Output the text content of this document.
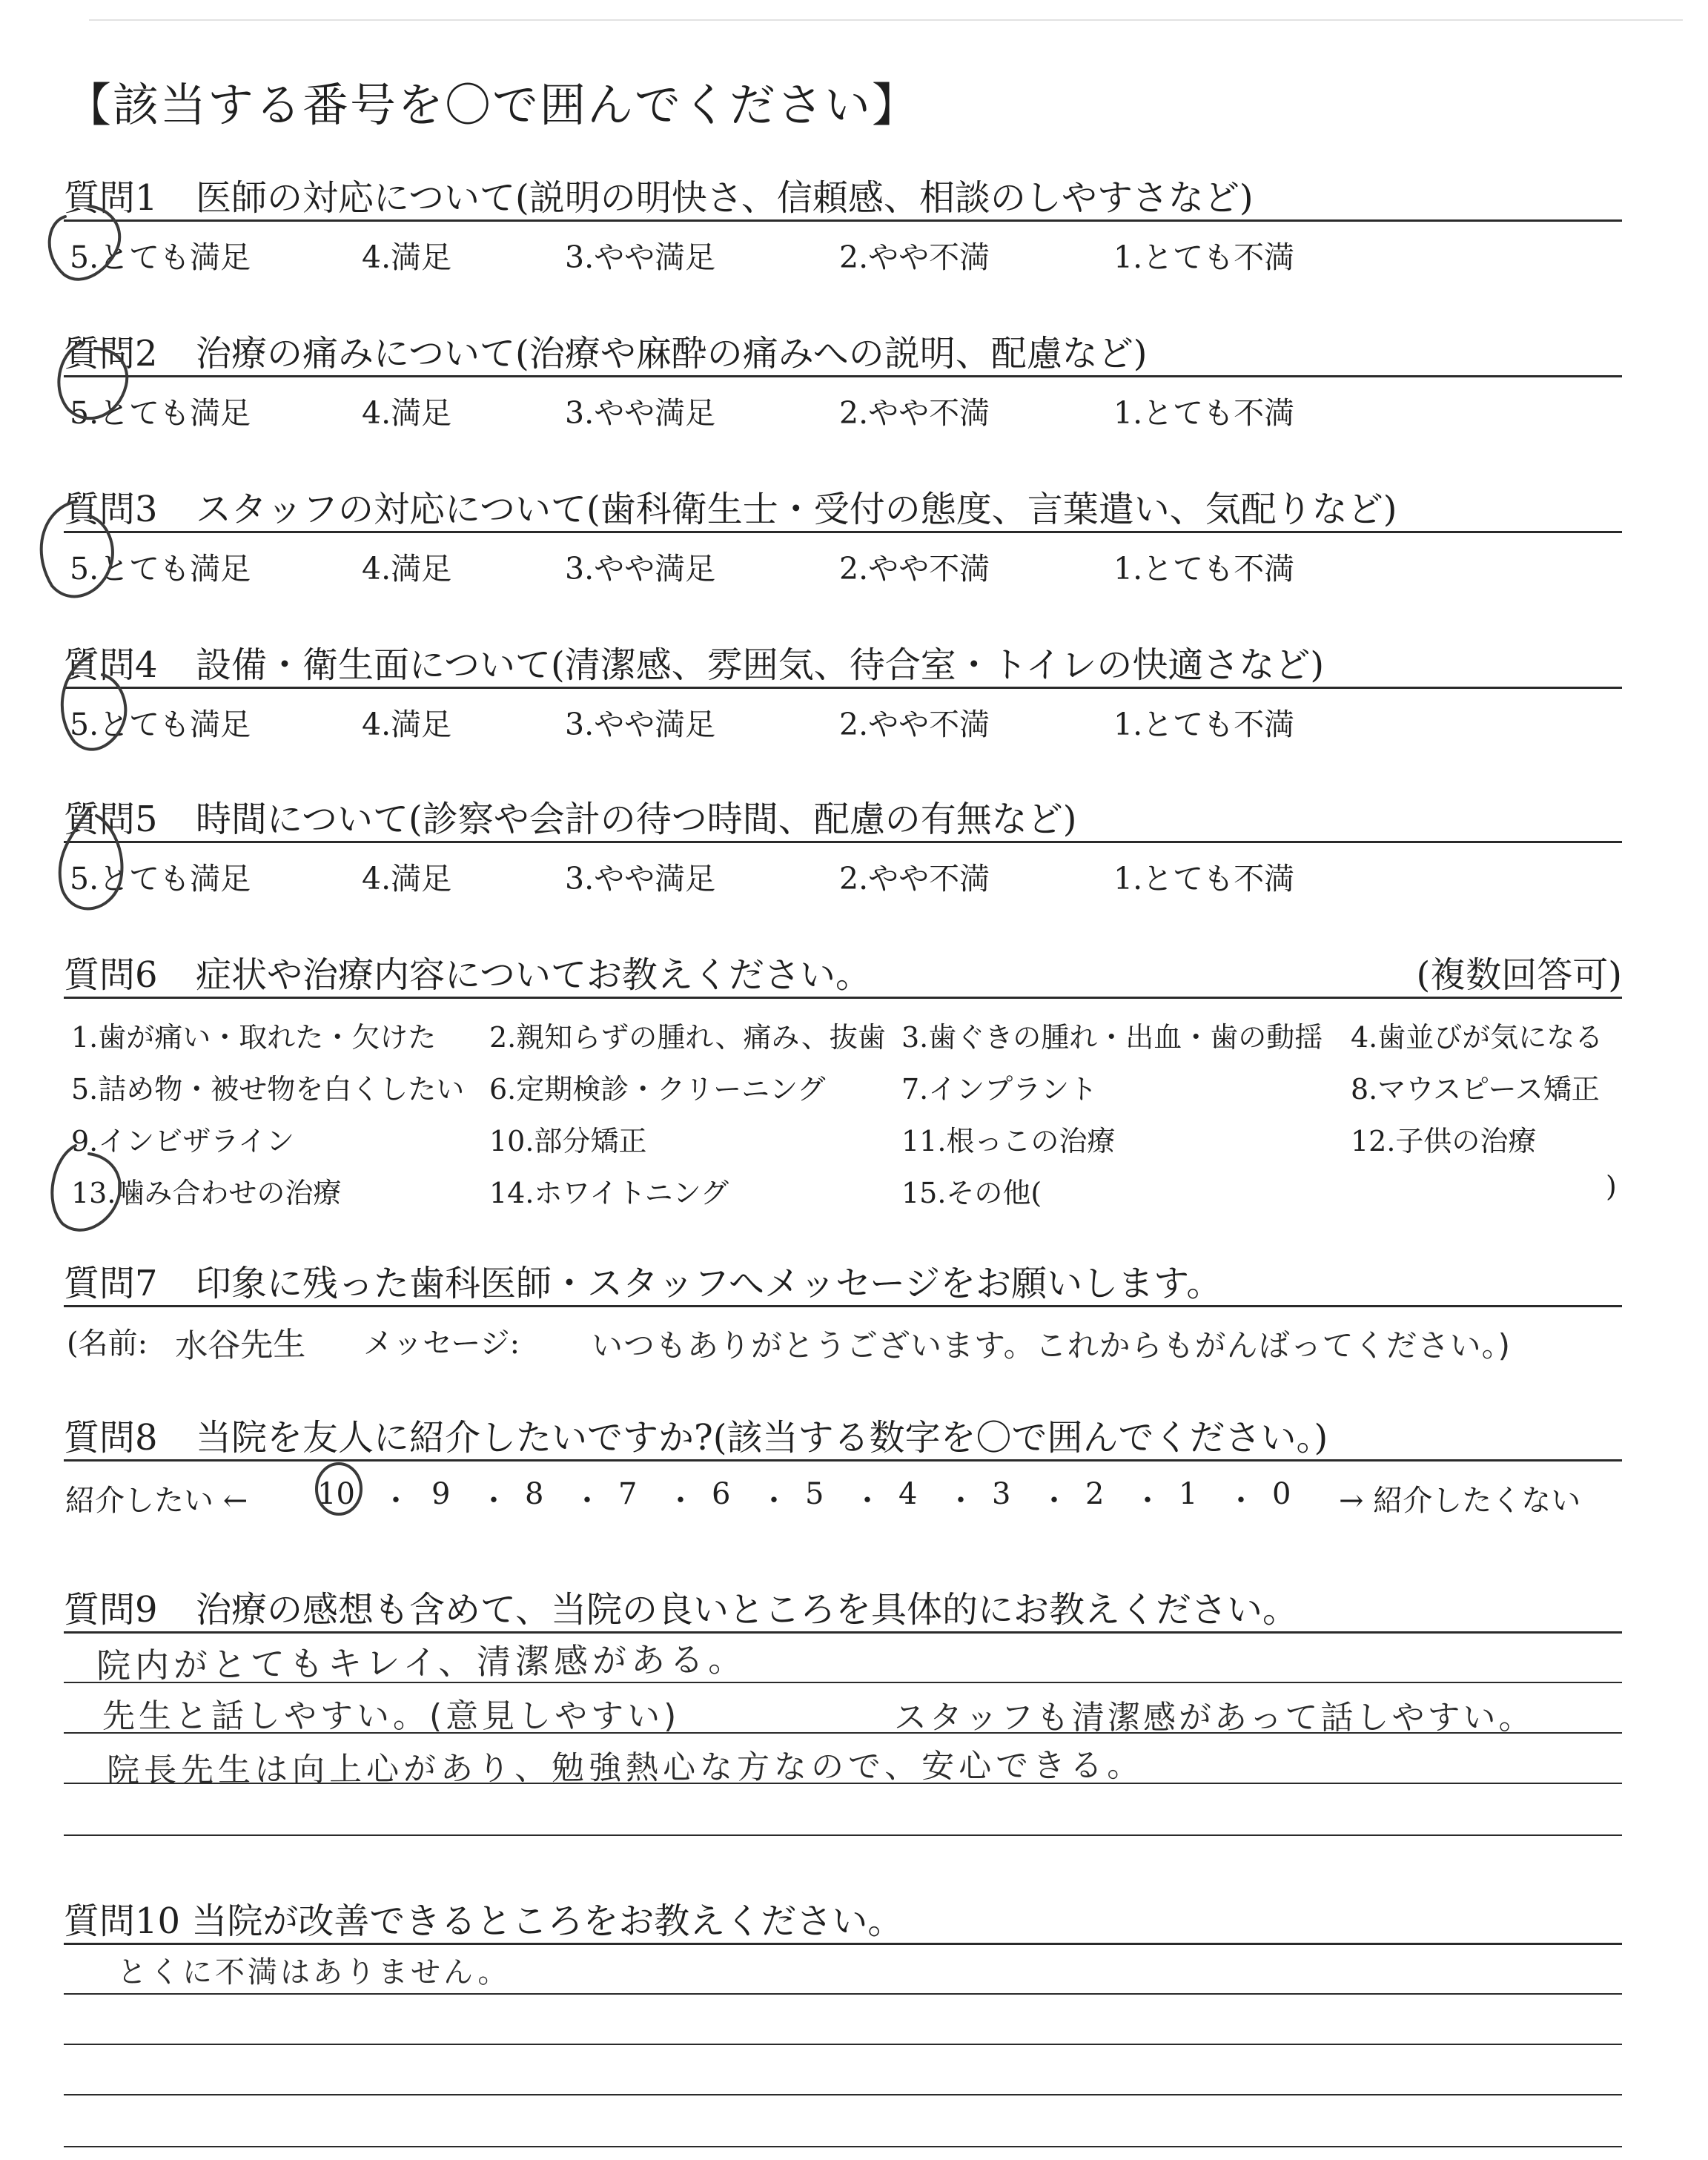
【該当する番号を〇で囲んでください】
質問1 医師の対応について(説明の明快さ、信頼感、相談のしやすさなど)
5.とても満足	4.満足	3.やや満足	2.やや不満	1.とても不満
質問2 治療の痛みについて(治療や麻酔の痛みへの説明、配慮など)
5.とても満足	4.満足	3.やや満足	2.やや不満	1.とても不満
質問3 スタッフの対応について(歯科衛生士・受付の態度、言葉遣い、気配りなど)
5.とても満足	4.満足	3.やや満足	2.やや不満	1.とても不満
質問4 設備・衛生面について(清潔感、雰囲気、待合室・トイレの快適さなど)
5.とても満足	4.満足	3.やや満足	2.やや不満	1.とても不満
質問5 時間について(診察や会計の待つ時間、配慮の有無など)
5.とても満足	4.満足	3.やや満足	2.やや不満	1.とても不満
質問6 症状や治療内容についてお教えください。	(複数回答可)
1.歯が痛い・取れた・欠けた 2.親知らずの腫れ、痛み、抜歯 3.歯ぐきの腫れ・出血・歯の動揺 4.歯並びが気になる
5.詰め物・被せ物を白くしたい 6.定期検診・クリーニング	7.インプラント	8.マウスピース矯正
9.インビザライン	10.部分矯正	11.根っこの治療	12.子供の治療
13.噛み合わせの治療	14.ホワイトニング	15.その他(	)
質問7 印象に残った歯科医師・スタッフへメッセージをお願いします。
(名前: 水谷先生 メッセージ: いつもありがとうございます。これからもがんばってください。)
質問8 当院を友人に紹介したいですか?(該当する数字を〇で囲んでください。)
紹介したい ← 10 ・ 9 ・ 8 ・ 7 ・ 6 ・ 5 ・ 4 ・ 3 ・ 2 ・ 1 ・ 0 → 紹介したくない
質問9 治療の感想も含めて、当院の良いところを具体的にお教えください。
院内がとてもキレイ、清潔感がある。
先生と話しやすい。(意見しやすい)	スタッフも清潔感があって話しやすい。
院長先生は向上心があり、勉強熱心な方なので、安心できる。
質問10 当院が改善できるところをお教えください。
とくに不満はありません。
